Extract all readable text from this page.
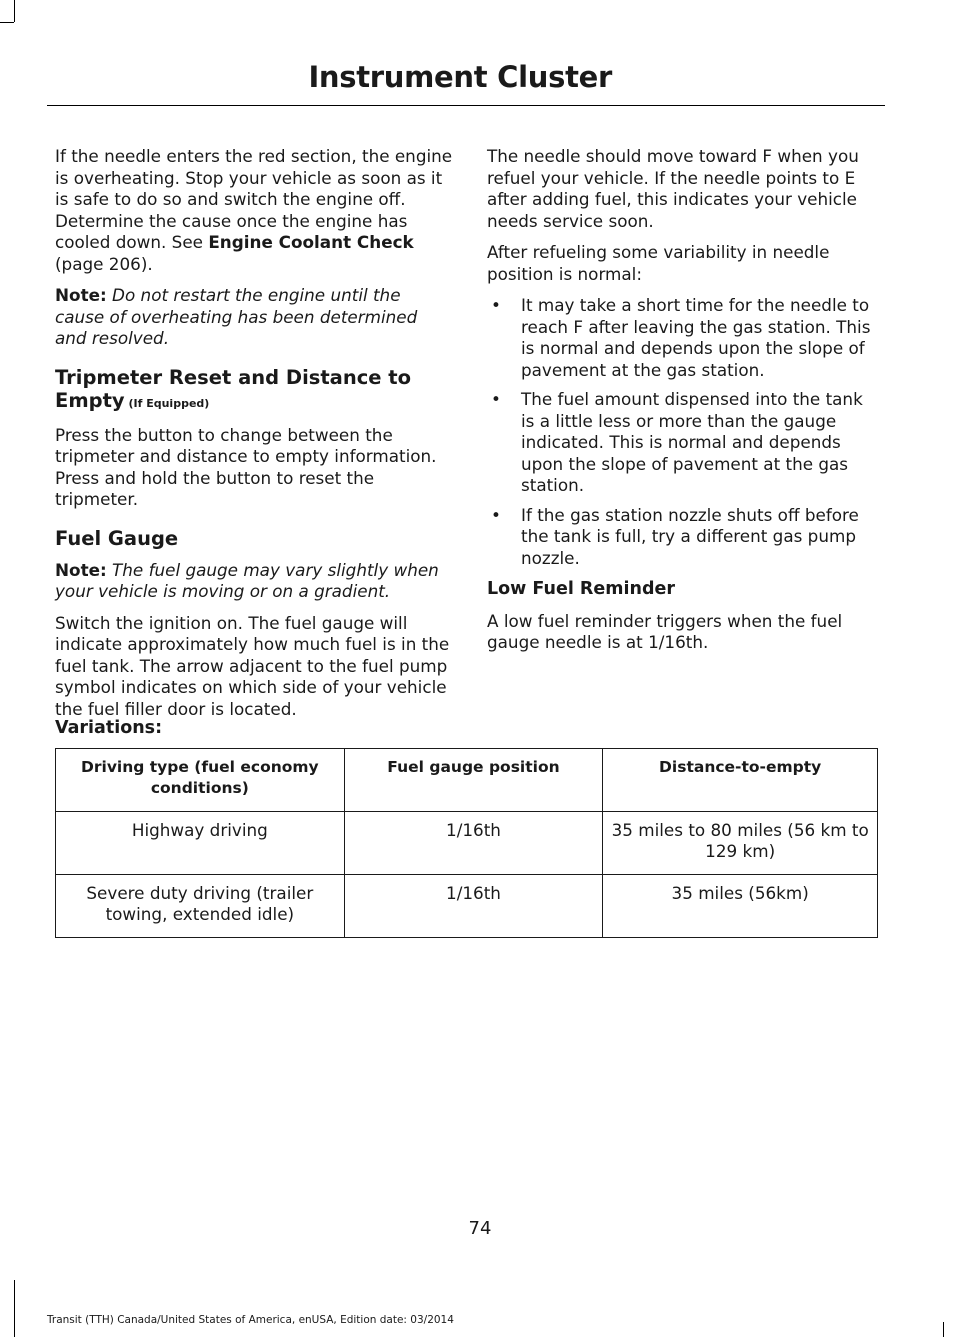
Instrument Cluster

If the needle enters the red section, the engine is overheating. Stop your vehicle as soon as it is safe to do so and switch the engine off. Determine the cause once the engine has cooled down. See Engine Coolant Check (page 206).

Note: Do not restart the engine until the cause of overheating has been determined and resolved.

Tripmeter Reset and Distance to Empty (If Equipped)

Press the button to change between the tripmeter and distance to empty information. Press and hold the button to reset the tripmeter.

Fuel Gauge

Note: The fuel gauge may vary slightly when your vehicle is moving or on a gradient.

Switch the ignition on. The fuel gauge will indicate approximately how much fuel is in the fuel tank. The arrow adjacent to the fuel pump symbol indicates on which side of your vehicle the fuel filler door is located.

The needle should move toward F when you refuel your vehicle. If the needle points to E after adding fuel, this indicates your vehicle needs service soon.

After refueling some variability in needle position is normal:

• It may take a short time for the needle to reach F after leaving the gas station. This is normal and depends upon the slope of pavement at the gas station.
• The fuel amount dispensed into the tank is a little less or more than the gauge indicated. This is normal and depends upon the slope of pavement at the gas station.
• If the gas station nozzle shuts off before the tank is full, try a different gas pump nozzle.
Low Fuel Reminder

A low fuel reminder triggers when the fuel gauge needle is at 1/16th.

Variations:
Driving type (fuel economy conditions)	Fuel gauge position	Distance-to-empty
Highway driving	1/16th	35 miles to 80 miles (56 km to 129 km)
Severe duty driving (trailer towing, extended idle)	1/16th	35 miles (56km)
74
Transit (TTH) Canada/United States of America, enUSA, Edition date: 03/2014
